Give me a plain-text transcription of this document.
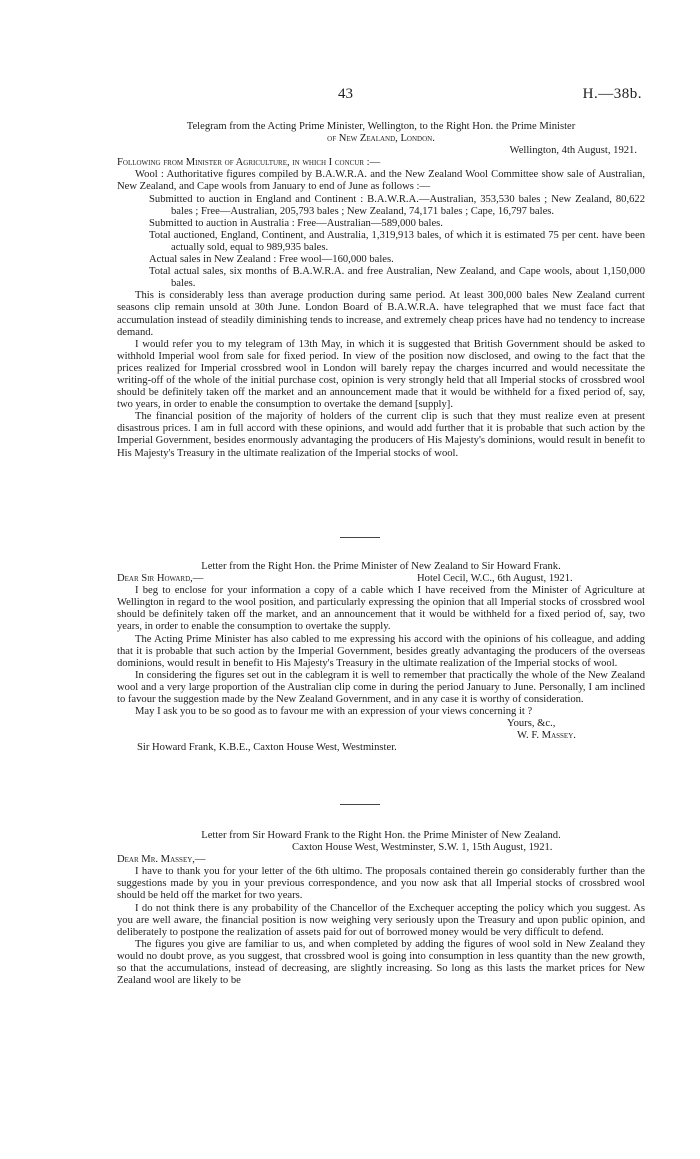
43	H.—38b.

Telegram from the Acting Prime Minister, Wellington, to the Right Hon. the Prime Minister

of New Zealand, London.

Wellington, 4th August, 1921.

Following from Minister of Agriculture, in which I concur :—

Wool : Authoritative figures compiled by B.A.W.R.A. and the New Zealand Wool Committee show sale of Australian, New Zealand, and Cape wools from January to end of June as follows :—

Submitted to auction in England and Continent : B.A.W.R.A.—Australian, 353,530 bales ; New Zealand, 80,622 bales ; Free—Australian, 205,793 bales ; New Zealand, 74,171 bales ; Cape, 16,797 bales.

Submitted to auction in Australia : Free—Australian—589,000 bales.

Total auctioned, England, Continent, and Australia, 1,319,913 bales, of which it is estimated 75 per cent. have been actually sold, equal to 989,935 bales.

Actual sales in New Zealand : Free wool—160,000 bales.

Total actual sales, six months of B.A.W.R.A. and free Australian, New Zealand, and Cape wools, about 1,150,000 bales.

This is considerably less than average production during same period. At least 300,000 bales New Zealand current seasons clip remain unsold at 30th June. London Board of B.A.W.R.A. have telegraphed that we must face fact that accumulation instead of steadily diminishing tends to increase, and extremely cheap prices have had no tendency to increase demand.

I would refer you to my telegram of 13th May, in which it is suggested that British Government should be asked to withhold Imperial wool from sale for fixed period. In view of the position now disclosed, and owing to the fact that the prices realized for Imperial crossbred wool in London will barely repay the charges incurred and would necessitate the writing-off of the whole of the initial purchase cost, opinion is very strongly held that all Imperial stocks of crossbred wool should be definitely taken off the market and an announcement made that it would be withheld for a fixed period of, say, two years, in order to enable the consumption to overtake the demand [supply].

The financial position of the majority of holders of the current clip is such that they must realize even at present disastrous prices. I am in full accord with these opinions, and would add further that it is probable that such action by the Imperial Government, besides enormously advantaging the producers of His Majesty's dominions, would result in benefit to His Majesty's Treasury in the ultimate realization of the Imperial stocks of wool.

Letter from the Right Hon. the Prime Minister of New Zealand to Sir Howard Frank.

Dear Sir Howard,—	Hotel Cecil, W.C., 6th August, 1921.

I beg to enclose for your information a copy of a cable which I have received from the Minister of Agriculture at Wellington in regard to the wool position, and particularly expressing the opinion that all Imperial stocks of crossbred wool should be definitely taken off the market, and an announcement that it would be withheld for a fixed period of, say, two years, in order to enable the consumption to overtake the supply.

The Acting Prime Minister has also cabled to me expressing his accord with the opinions of his colleague, and adding that it is probable that such action by the Imperial Government, besides greatly advantaging the producers of the overseas dominions, would result in benefit to His Majesty's Treasury in the ultimate realization of the Imperial stocks of wool.

In considering the figures set out in the cablegram it is well to remember that practically the whole of the New Zealand wool and a very large proportion of the Australian clip come in during the period January to June. Personally, I am inclined to favour the suggestion made by the New Zealand Government, and in any case it is worthy of consideration.

May I ask you to be so good as to favour me with an expression of your views concerning it ?

Yours, &c.,

W. F. Massey.

Sir Howard Frank, K.B.E., Caxton House West, Westminster.

Letter from Sir Howard Frank to the Right Hon. the Prime Minister of New Zealand.

Caxton House West, Westminster, S.W. 1, 15th August, 1921.

Dear Mr. Massey,—

I have to thank you for your letter of the 6th ultimo. The proposals contained therein go considerably further than the suggestions made by you in your previous correspondence, and you now ask that all Imperial stocks of crossbred wool should be held off the market for two years.

I do not think there is any probability of the Chancellor of the Exchequer accepting the policy which you suggest. As you are well aware, the financial position is now weighing very seriously upon the Treasury and upon public opinion, and deliberately to postpone the realization of assets paid for out of borrowed money would be very difficult to defend.

The figures you give are familiar to us, and when completed by adding the figures of wool sold in New Zealand they would no doubt prove, as you suggest, that crossbred wool is going into consumption in less quantity than the new growth, so that the accumulations, instead of decreasing, are slightly increasing. So long as this lasts the market prices for New Zealand wool are likely to be
